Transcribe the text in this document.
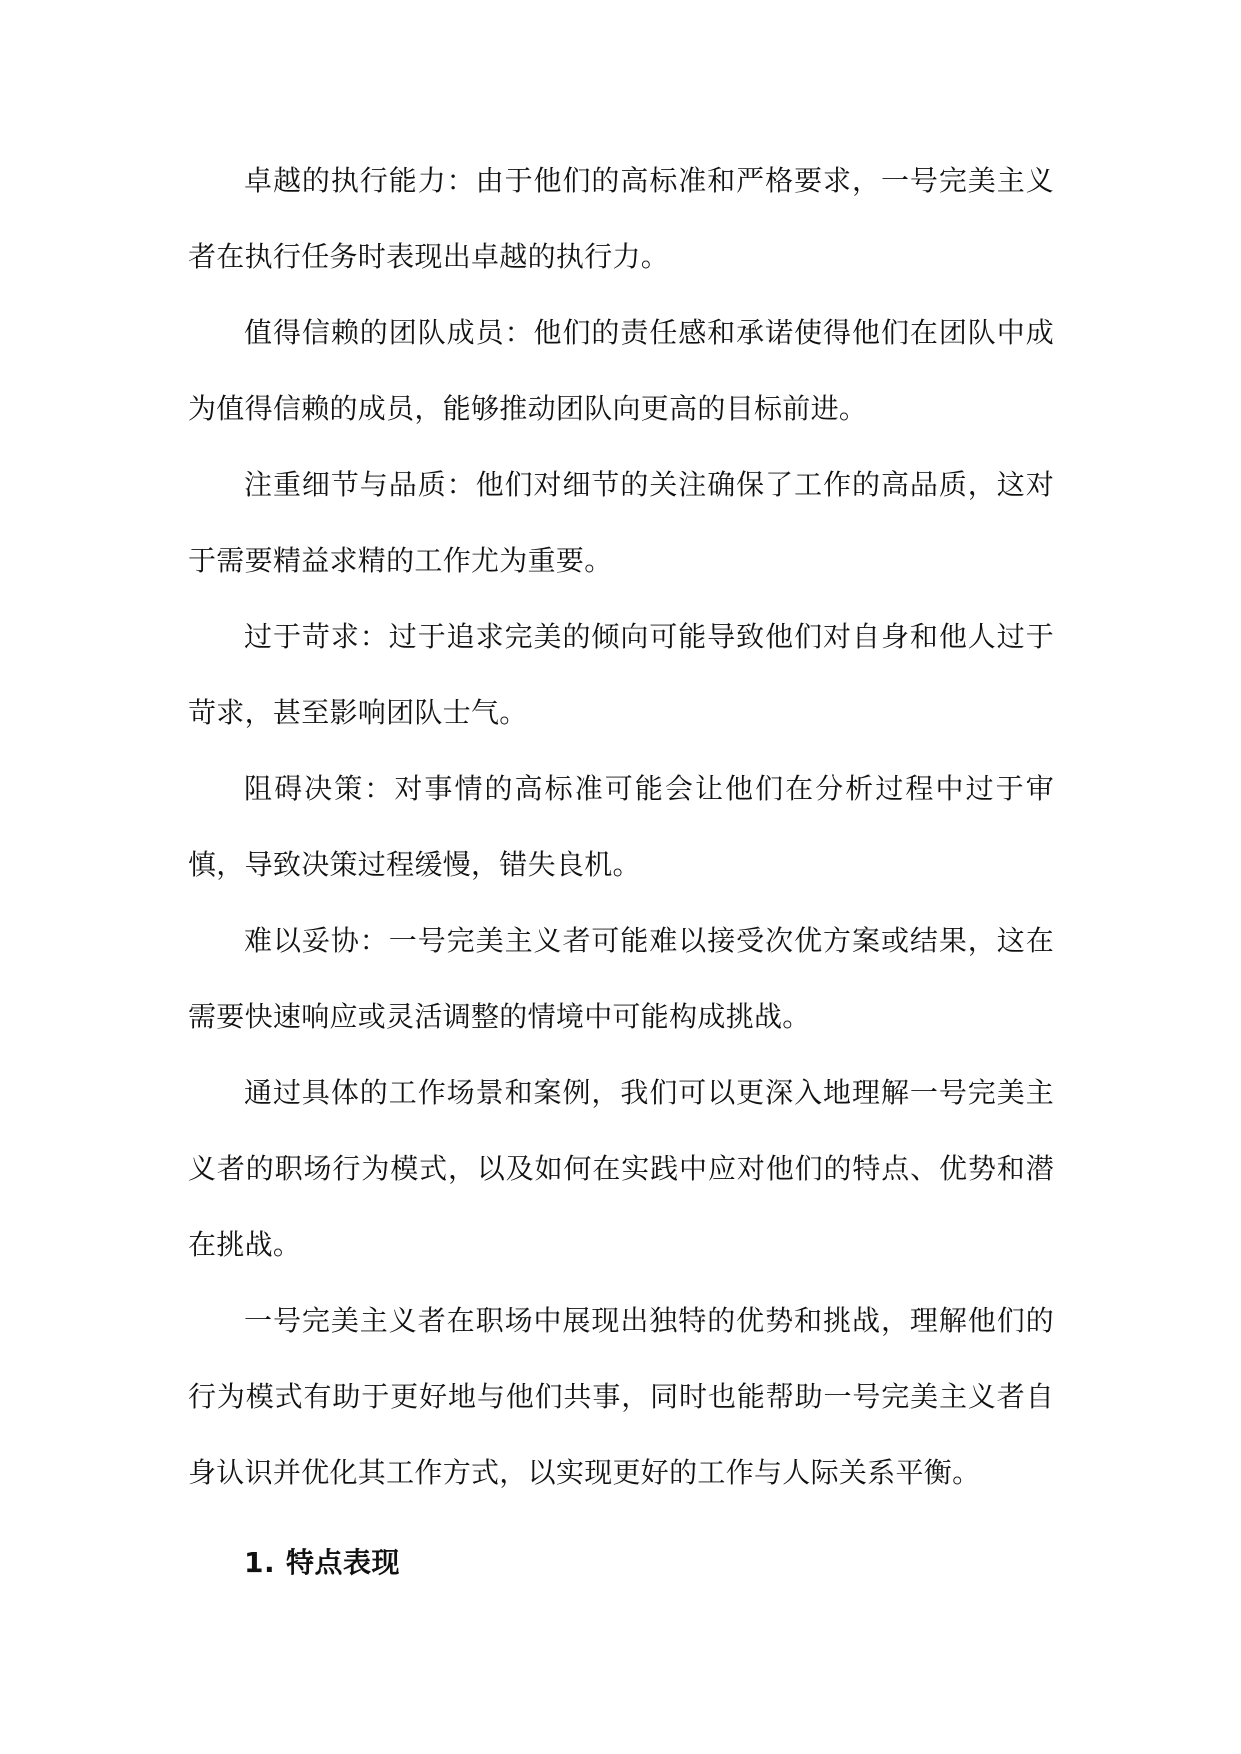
卓越的执行能力：由于他们的高标准和严格要求，一号完美主义者在执行任务时表现出卓越的执行力。

值得信赖的团队成员：他们的责任感和承诺使得他们在团队中成为值得信赖的成员，能够推动团队向更高的目标前进。

注重细节与品质：他们对细节的关注确保了工作的高品质，这对于需要精益求精的工作尤为重要。

过于苛求：过于追求完美的倾向可能导致他们对自身和他人过于苛求，甚至影响团队士气。

阻碍决策：对事情的高标准可能会让他们在分析过程中过于审慎，导致决策过程缓慢，错失良机。

难以妥协：一号完美主义者可能难以接受次优方案或结果，这在需要快速响应或灵活调整的情境中可能构成挑战。

通过具体的工作场景和案例，我们可以更深入地理解一号完美主义者的职场行为模式，以及如何在实践中应对他们的特点、优势和潜在挑战。

一号完美主义者在职场中展现出独特的优势和挑战，理解他们的行为模式有助于更好地与他们共事，同时也能帮助一号完美主义者自身认识并优化其工作方式，以实现更好的工作与人际关系平衡。

1. 特点表现
